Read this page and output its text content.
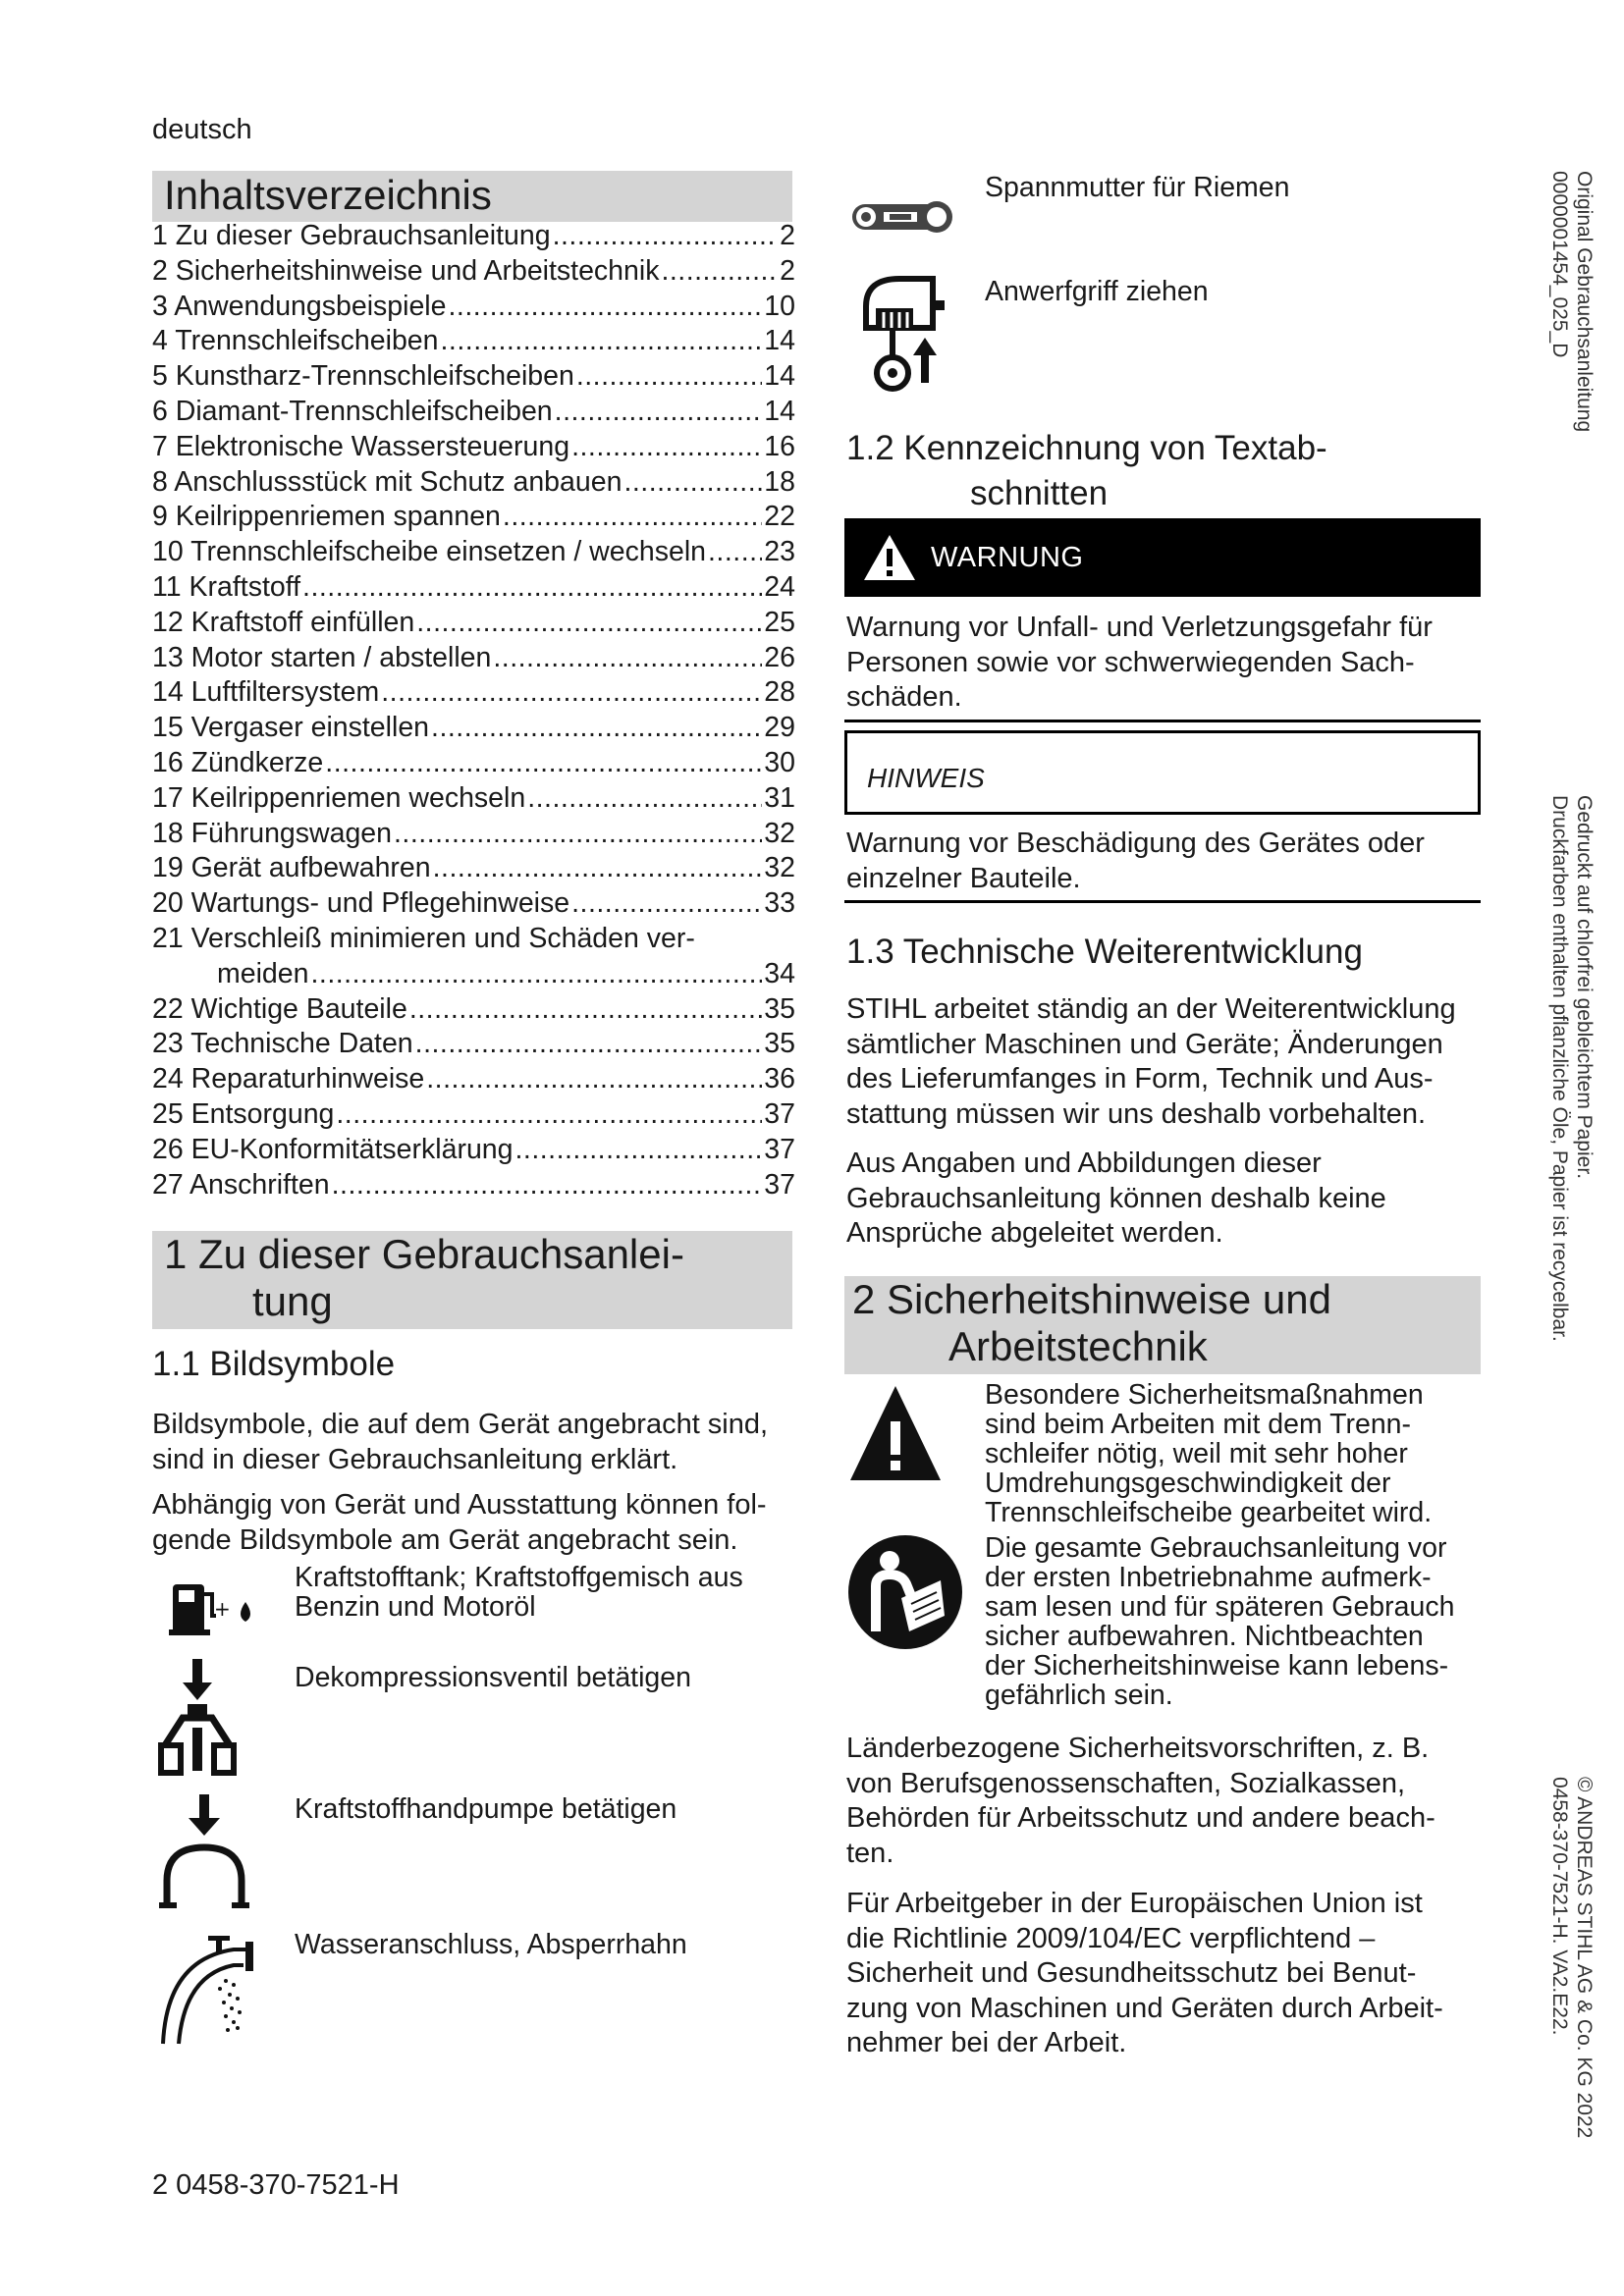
deutsch
Inhaltsverzeichnis
1 Zu dieser Gebrauchsanleitung .....	2
2 Sicherheitshinweise und Arbeitstechnik .....	2
3 Anwendungsbeispiele .....	10
4 Trennschleifscheiben .....	14
5 Kunstharz-Trennschleifscheiben .....	14
6 Diamant-Trennschleifscheiben .....	14
7 Elektronische Wassersteuerung .....	16
8 Anschlussstück mit Schutz anbauen .....	18
9 Keilrippenriemen spannen .....	22
10 Trennschleifscheibe einsetzen / wechseln ..... 23
11 Kraftstoff .....	24
12 Kraftstoff einfüllen .....	25
13 Motor starten / abstellen .....	26
14 Luftfiltersystem .....	28
15 Vergaser einstellen .....	29
16 Zündkerze .....	30
17 Keilrippenriemen wechseln .....	31
18 Führungswagen .....	32
19 Gerät aufbewahren .....	32
20 Wartungs- und Pflegehinweise .....	33
21 Verschleiß minimieren und Schäden ver-
meiden .....	34
22 Wichtige Bauteile .....	35
23 Technische Daten .....	35
24 Reparaturhinweise .....	36
25 Entsorgung .....	37
26 EU-Konformitätserklärung .....	37
27 Anschriften .....	37
1 Zu dieser Gebrauchsanlei-
tung
1.1 Bildsymbole
Bildsymbole, die auf dem Gerät angebracht sind,
sind in dieser Gebrauchsanleitung erklärt.
Abhängig von Gerät und Ausstattung können fol-
gende Bildsymbole am Gerät angebracht sein.
+
Kraftstofftank; Kraftstoffgemisch aus
Benzin und Motoröl
Dekompressionsventil betätigen
Kraftstoffhandpumpe betätigen
Wasseranschluss, Absperrhahn
Spannmutter für Riemen
Anwerfgriff ziehen
1.2 Kennzeichnung von Textab-
schnitten
WARNUNG
Warnung vor Unfall- und Verletzungsgefahr für
Personen sowie vor schwerwiegenden Sach-
schäden.
HINWEIS
Warnung vor Beschädigung des Gerätes oder
einzelner Bauteile.
1.3 Technische Weiterentwicklung
STIHL arbeitet ständig an der Weiterentwicklung
sämtlicher Maschinen und Geräte; Änderungen
des Lieferumfanges in Form, Technik und Aus-
stattung müssen wir uns deshalb vorbehalten.
Aus Angaben und Abbildungen dieser
Gebrauchsanleitung können deshalb keine
Ansprüche abgeleitet werden.
2 Sicherheitshinweise und
Arbeitstechnik
Besondere Sicherheitsmaßnahmen
sind beim Arbeiten mit dem Trenn-
schleifer nötig, weil mit sehr hoher
Umdrehungsgeschwindigkeit der
Trennschleifscheibe gearbeitet wird.
Die gesamte Gebrauchsanleitung vor
der ersten Inbetriebnahme aufmerk-
sam lesen und für späteren Gebrauch
sicher aufbewahren. Nichtbeachten
der Sicherheitshinweise kann lebens-
gefährlich sein.
Länderbezogene Sicherheitsvorschriften, z. B.
von Berufsgenossenschaften, Sozialkassen,
Behörden für Arbeitsschutz und andere beach-
ten.
Für Arbeitgeber in der Europäischen Union ist
die Richtlinie 2009/104/EC verpflichtend –
Sicherheit und Gesundheitsschutz bei Benut-
zung von Maschinen und Geräten durch Arbeit-
nehmer bei der Arbeit.
Original Gebrauchsanleitung
0000001454_025_D
Gedruckt auf chlorfrei gebleichtem Papier.
Druckfarben enthalten pflanzliche Öle, Papier ist recycelbar.
© ANDREAS STIHL AG & Co. KG 2022
0458-370-7521-H. VA2.E22.
2 0458-370-7521-H
